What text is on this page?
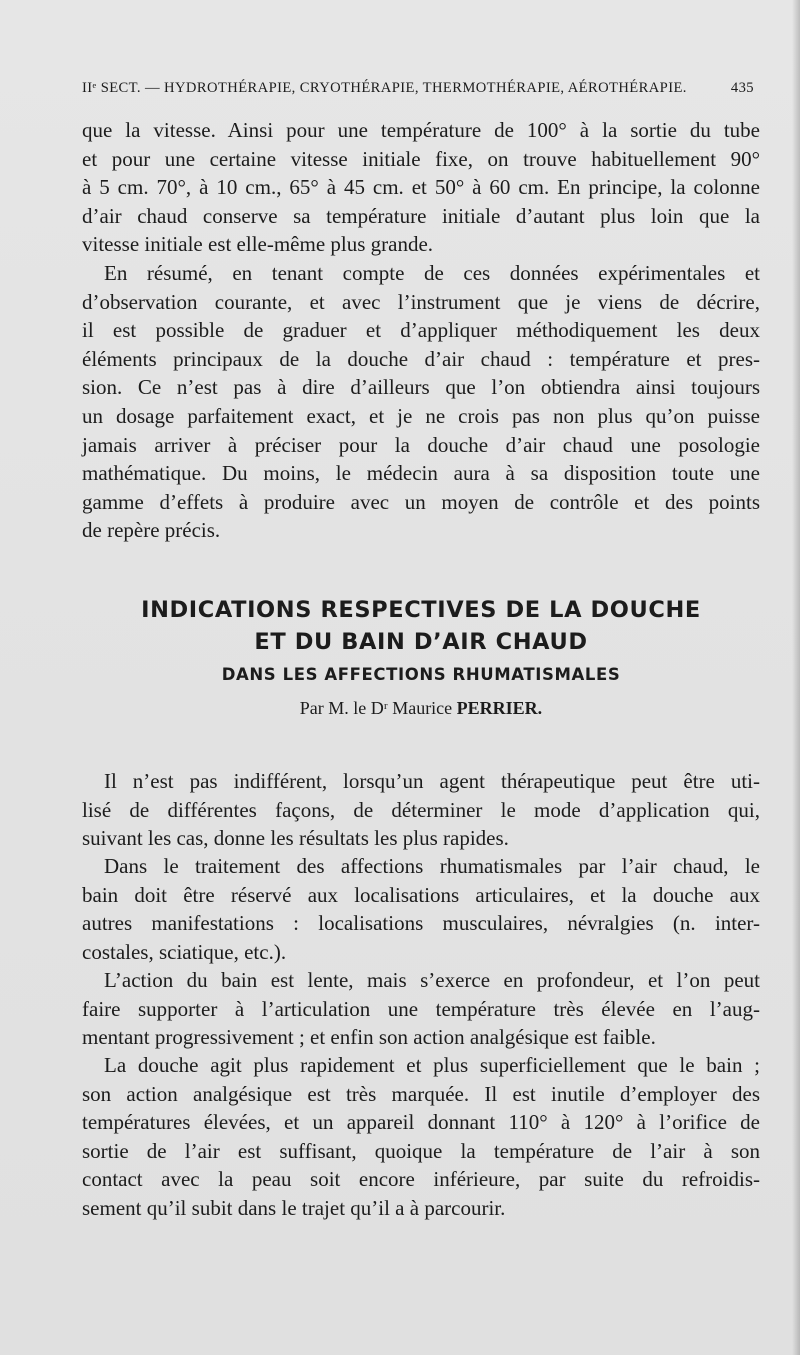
IIᵉ SECT. — HYDROTHÉRAPIE, CRYOTHÉRAPIE, THERMOTHÉRAPIE, AÉROTHÉRAPIE.	435
que la vitesse. Ainsi pour une température de 100° à la sortie du tube
et pour une certaine vitesse initiale fixe, on trouve habituellement 90°
à 5 cm. 70°, à 10 cm., 65° à 45 cm. et 50° à 60 cm. En principe, la colonne
d’air chaud conserve sa température initiale d’autant plus loin que la
vitesse initiale est elle-même plus grande.
En résumé, en tenant compte de ces données expérimentales et
d’observation courante, et avec l’instrument que je viens de décrire,
il est possible de graduer et d’appliquer méthodiquement les deux
éléments principaux de la douche d’air chaud : température et pres-
sion. Ce n’est pas à dire d’ailleurs que l’on obtiendra ainsi toujours
un dosage parfaitement exact, et je ne crois pas non plus qu’on puisse
jamais arriver à préciser pour la douche d’air chaud une posologie
mathématique. Du moins, le médecin aura à sa disposition toute une
gamme d’effets à produire avec un moyen de contrôle et des points
de repère précis.
INDICATIONS RESPECTIVES DE LA DOUCHE
ET DU BAIN D’AIR CHAUD
DANS LES AFFECTIONS RHUMATISMALES
Par M. le Dʳ Maurice PERRIER.
Il n’est pas indifférent, lorsqu’un agent thérapeutique peut être uti-
lisé de différentes façons, de déterminer le mode d’application qui,
suivant les cas, donne les résultats les plus rapides.
Dans le traitement des affections rhumatismales par l’air chaud, le
bain doit être réservé aux localisations articulaires, et la douche aux
autres manifestations : localisations musculaires, névralgies (n. inter-
costales, sciatique, etc.).
L’action du bain est lente, mais s’exerce en profondeur, et l’on peut
faire supporter à l’articulation une température très élevée en l’aug-
mentant progressivement ; et enfin son action analgésique est faible.
La douche agit plus rapidement et plus superficiellement que le bain ;
son action analgésique est très marquée. Il est inutile d’employer des
températures élevées, et un appareil donnant 110° à 120° à l’orifice de
sortie de l’air est suffisant, quoique la température de l’air à son
contact avec la peau soit encore inférieure, par suite du refroidis-
sement qu’il subit dans le trajet qu’il a à parcourir.
